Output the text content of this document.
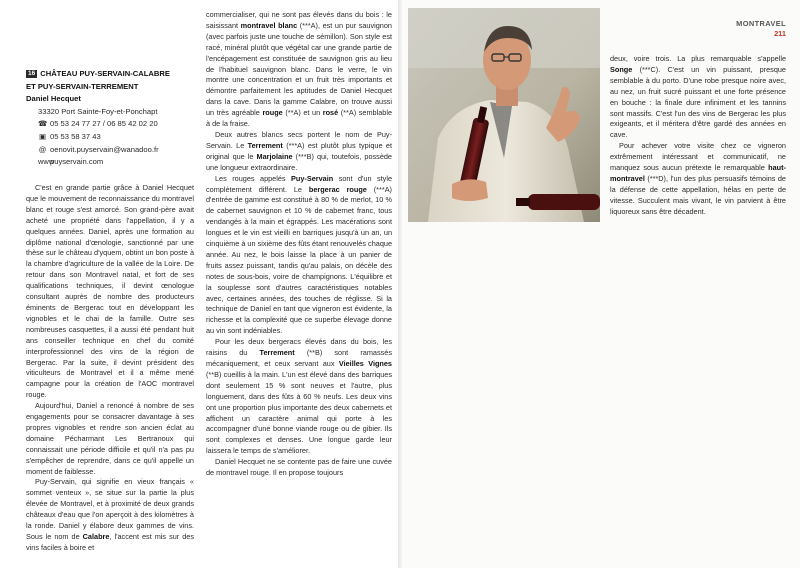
16 CHÂTEAU PUY-SERVAIN-CALABRE
ET PUY-SERVAIN-TERREMENT
Daniel Hecquet
33320 Port Sainte-Foy-et-Ponchapt
☎ 05 53 24 77 27 / 06 85 42 02 20
▣ 05 53 58 37 43
@ oenovit.puyservain@wanadoo.fr
wwwpuyservain.com

C'est en grande partie grâce à Daniel Hecquet que le mouvement de reconnaissance du montravel blanc et rouge s'est amorcé. Son grand-père avait acheté une propriété dans l'appellation, il y a quelques années. Daniel, après une formation au diplôme national d'œnologie, sanctionné par une thèse sur le château d'yquem, obtint un bon poste à la chambre d'agriculture de la vallée de la Loire. De retour dans son Montravel natal, et fort de ses qualifications techniques, il devint œnologue consultant auprès de nombre des producteurs éminents de Bergerac tout en développant les vignobles et le chai de la famille. Outre ses nombreuses casquettes, il a aussi été pendant huit ans conseiller technique en chef du comité interprofessionnel des vins de la région de Bergerac. Par la suite, il devint président des viticulteurs de Montravel et il a même mené campagne pour la création de l'AOC montravel rouge.

Aujourd'hui, Daniel a renoncé à nombre de ses engagements pour se consacrer davantage à ses propres vignobles et rendre son ancien éclat au domaine Pécharmant Les Bertranoux qui connaissait une période difficile et qu'il n'a pas pu s'empêcher de reprendre, dans ce qu'il appelle un moment de faiblesse.

Puy-Servain, qui signifie en vieux français « sommet venteux », se situe sur la partie la plus élevée de Montravel, et à proximité de deux grands châteaux d'eau que l'on aperçoit à des kilomètres à la ronde. Daniel y élabore deux gammes de vins. Sous le nom de Calabre, l'accent est mis sur des vins faciles à boire et

commercialiser, qui ne sont pas élevés dans du bois : le saisissant montravel blanc (***A), est un pur sauvignon (avec parfois juste une touche de sémillon). Son style est racé, minéral plutôt que végétal car une grande partie de l'encépagement est constituée de sauvignon gris au lieu de l'habituel sauvignon blanc. Dans le verre, le vin montre une concentration et un fruit très importants et démontre parfaitement les aptitudes de Daniel Hecquet dans la cave. Dans la gamme Calabre, on trouve aussi un très agréable rouge (**A) et un rosé (**A) semblable à de la fraise.

Deux autres blancs secs portent le nom de Puy-Servain. Le Terrement (***A) est plutôt plus typique et original que le Marjolaine (***B) qui, toutefois, possède une longueur extraordinaire.

Les rouges appelés Puy-Servain sont d'un style complètement différent. Le bergerac rouge (***A) d'entrée de gamme est constitué à 80 % de merlot, 10 % de cabernet sauvignon et 10 % de cabernet franc, tous vendangés à la main et égrappés. Les macérations sont longues et le vin est vieilli en barriques jusqu'à un an, un cinquième à un sixième des fûts étant renouvelés chaque année. Au nez, le bois laisse la place à un panier de fruits assez puissant, tandis qu'au palais, on décèle des notes de sous-bois, voire de champignons. L'équilibre et la souplesse sont d'autres caractéristiques notables avec, certaines années, des touches de réglisse. Si la technique de Daniel en tant que vigneron est évidente, la richesse et la complexité que ce superbe élevage donne au vin sont indéniables.

Pour les deux bergeracs élevés dans du bois, les raisins du Terrement (**B) sont ramassés mécaniquement, et ceux servant aux Vieilles Vignes (**B) cueillis à la main. L'un est élevé dans des barriques dont seulement 15 % sont neuves et l'autre, plus longuement, dans des fûts à 60 % neufs. Les deux vins ont une proportion plus importante des deux cabernets et affichent un caractère animal qui porte à les accompagner d'une bonne viande rouge ou de gibier. Ils sont complexes et denses. Une longue garde leur laissera le temps de s'améliorer.

Daniel Hecquet ne se contente pas de faire une cuvée de montravel rouge. Il en propose toujours

MONTRAVEL
211

deux, voire trois. La plus remarquable s'appelle Songe (***C). C'est un vin puissant, presque semblable à du porto. D'une robe presque noire avec, au nez, un fruit sucré puissant et une forte présence en bouche : la finale dure infiniment et les tannins sont massifs. C'est l'un des vins de Bergerac les plus exigeants, et il méritera d'être gardé des années en cave.

Pour achever votre visite chez ce vigneron extrêmement intéressant et communicatif, ne manquez sous aucun prétexte le remarquable haut-montravel (***D), l'un des plus persuasifs témoins de la défense de cette appellation, hélas en perte de vitesse. Succulent mais vivant, le vin parvient à être liquoreux sans être décadent.
